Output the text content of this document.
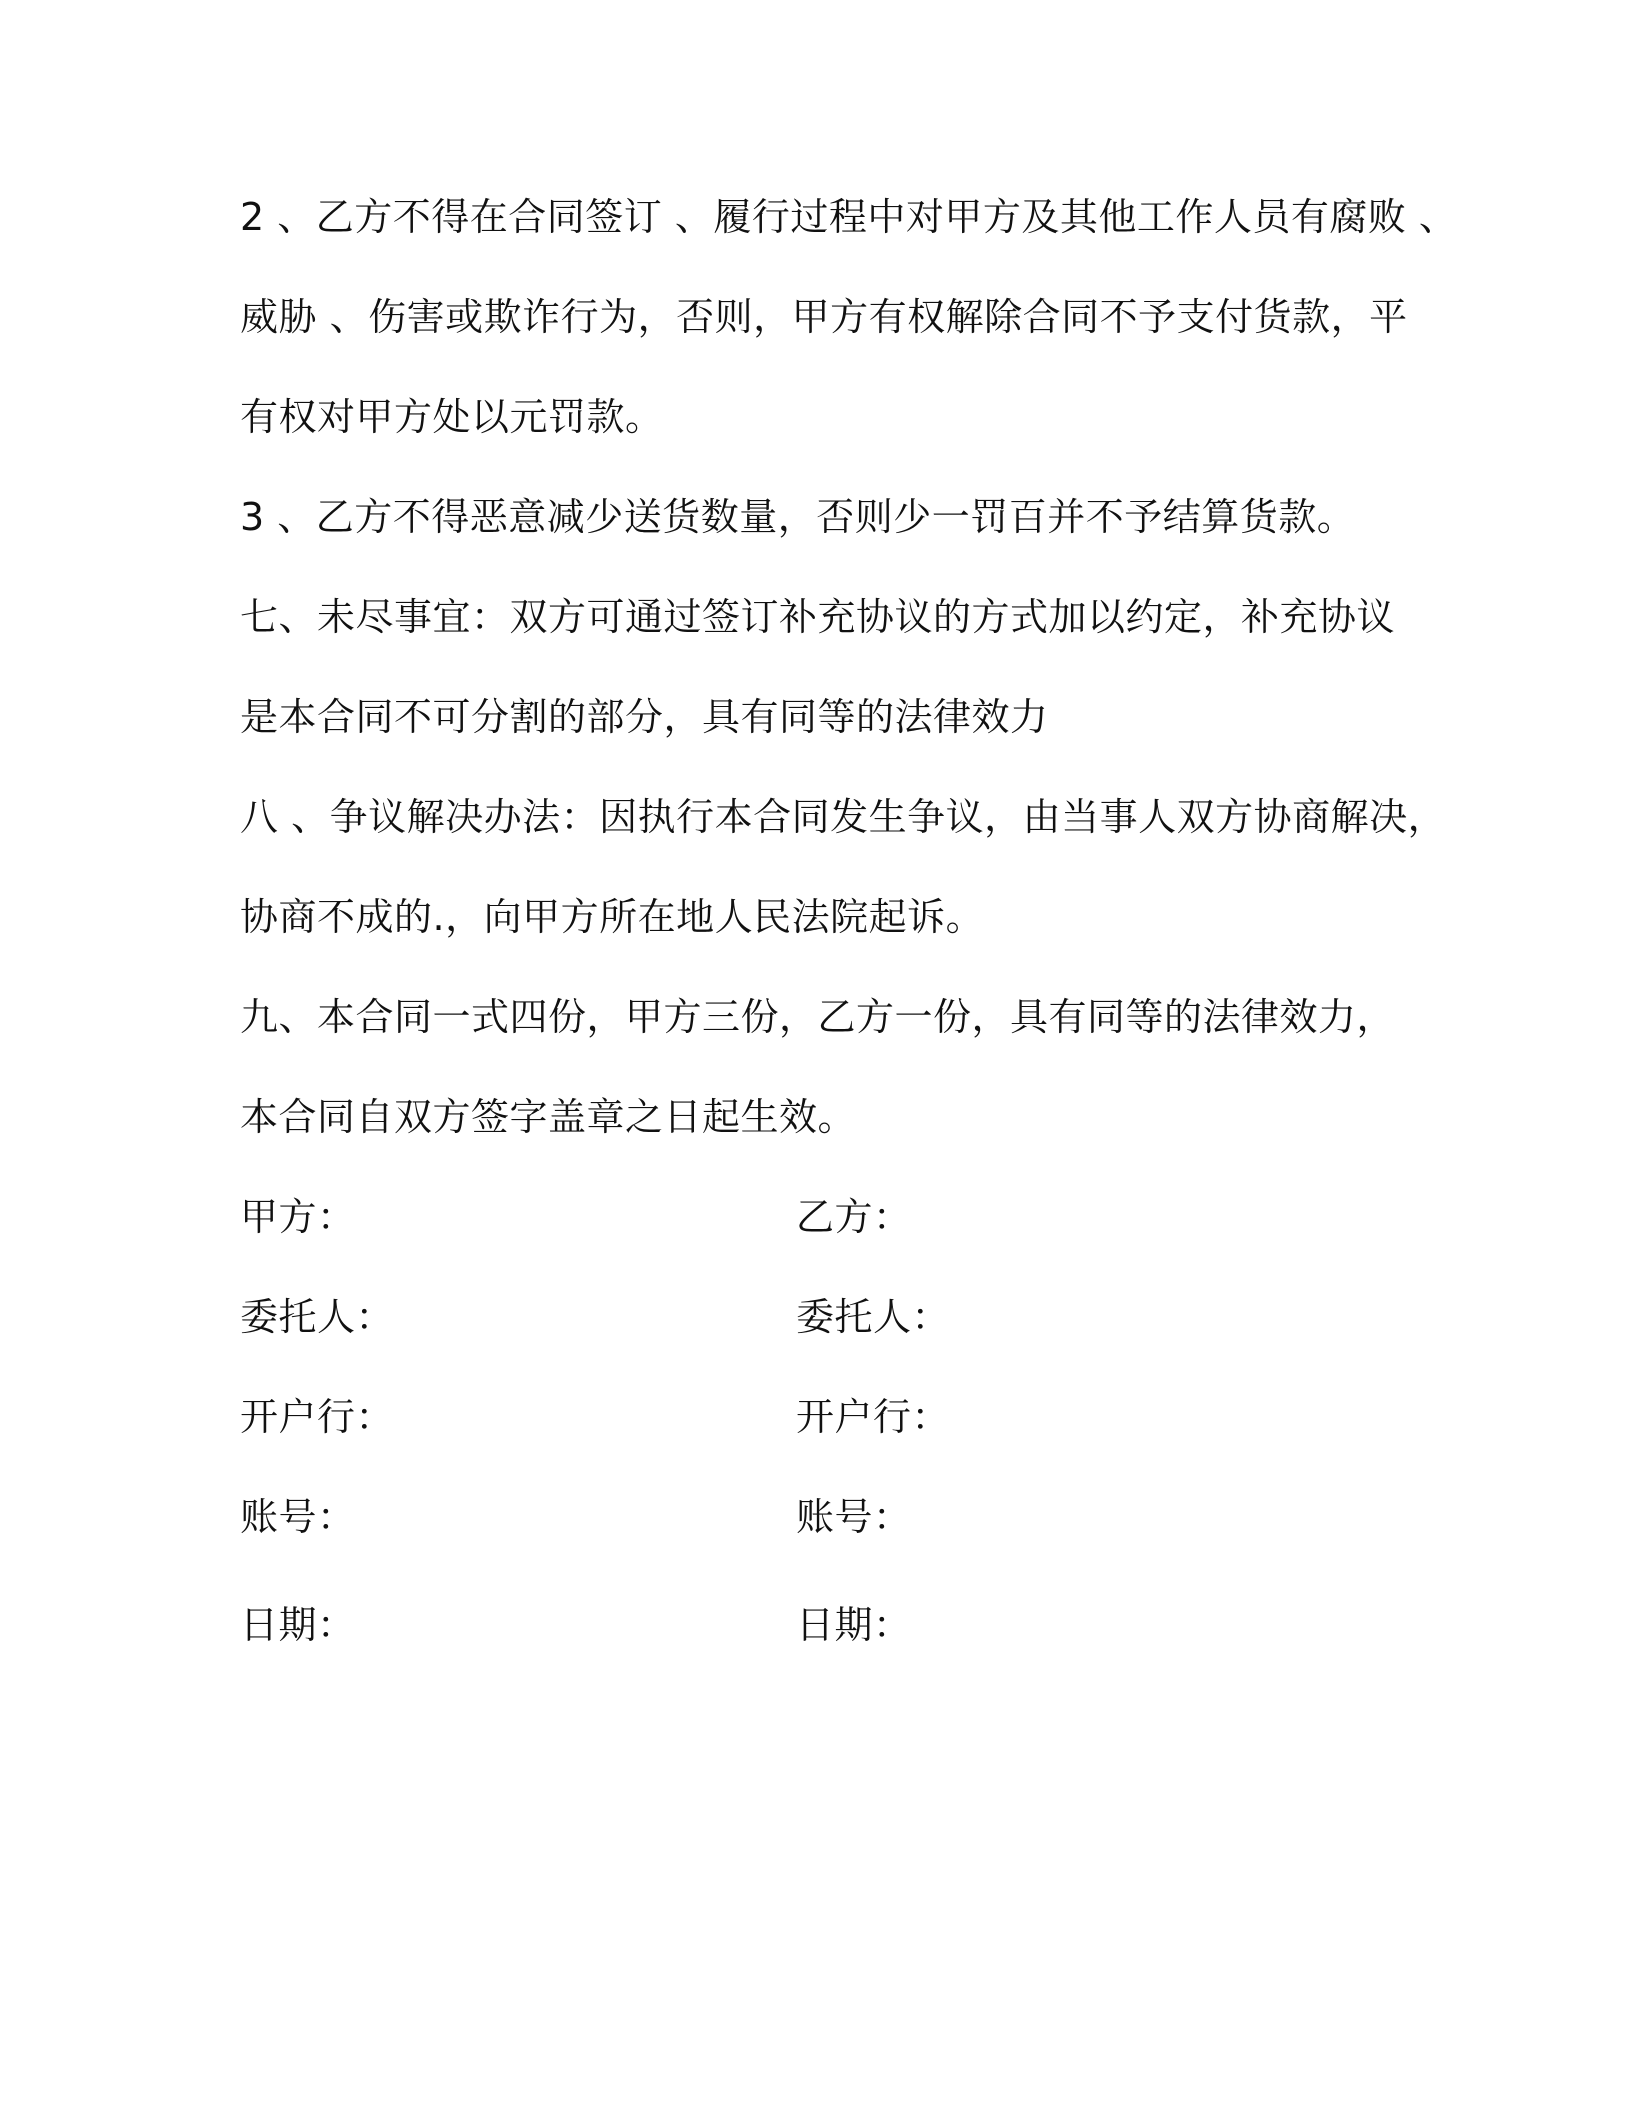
2 、乙方不得在合同签订 、履行过程中对甲方及其他工作人员有腐败 、
威胁 、伤害或欺诈行为，否则，甲方有权解除合同不予支付货款，平
有权对甲方处以元罚款。
3 、乙方不得恶意减少送货数量，否则少一罚百并不予结算货款。
七、未尽事宜：双方可通过签订补充协议的方式加以约定，补充协议
是本合同不可分割的部分，具有同等的法律效力
八 、争议解决办法：因执行本合同发生争议，由当事人双方协商解决，
协商不成的.，向甲方所在地人民法院起诉。
九、本合同一式四份，甲方三份，乙方一份，具有同等的法律效力，
本合同自双方签字盖章之日起生效。
甲方：	乙方：
委托人：	委托人：
开户行：	开户行：
账号：	账号：
日期：	日期：
